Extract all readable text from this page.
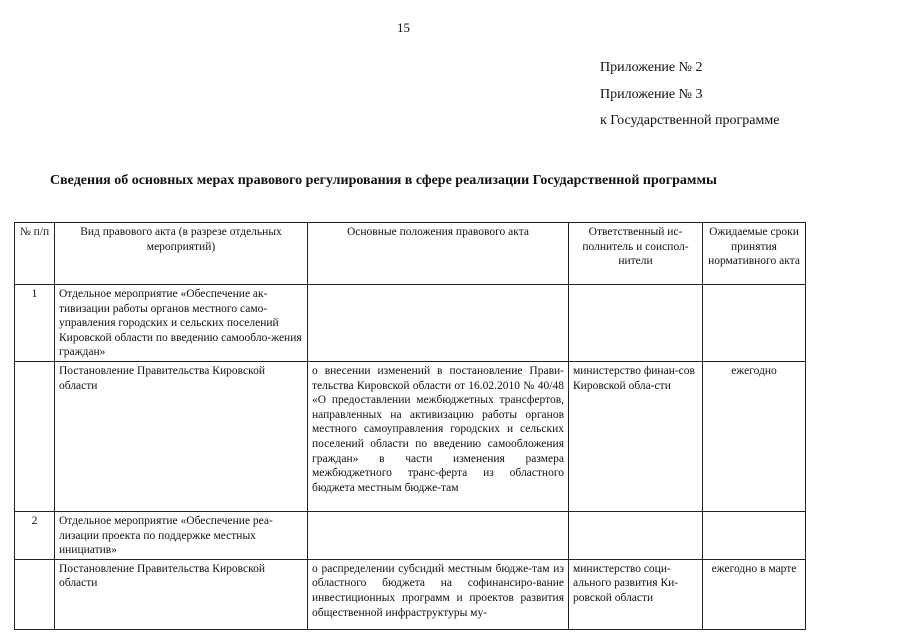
15
Приложение № 2
Приложение № 3
к Государственной программе
Сведения об основных мерах правового регулирования в сфере реализации Государственной программы
№ п/п	Вид правового акта (в разрезе отдельных мероприятий)	Основные положения правового акта	Ответственный ис-полнитель и соиспол-нители	Ожидаемые сроки принятия нормативного акта
1	Отдельное мероприятие «Обеспечение ак-тивизации работы органов местного само-управления городских и сельских поселений Кировской области по введению самообло-жения граждан»			
	Постановление Правительства Кировской области	о внесении изменений в постановление Прави-тельства Кировской области от 16.02.2010 № 40/48 «О предоставлении межбюджетных трансфертов, направленных на активизацию работы органов местного самоуправления городских и сельских поселений области по введению самообложения граждан» в части изменения размера межбюджетного транс-ферта из областного бюджета местным бюдже-там	министерство финан-сов Кировской обла-сти	ежегодно
2	Отдельное мероприятие «Обеспечение реа-лизации проекта по поддержке местных инициатив»			
	Постановление Правительства Кировской области	о распределении субсидий местным бюдже-там из областного бюджета на софинансиро-вание инвестиционных программ и проектов развития общественной инфраструктуры му-	министерство соци-ального развития Ки-ровской области	ежегодно в марте
